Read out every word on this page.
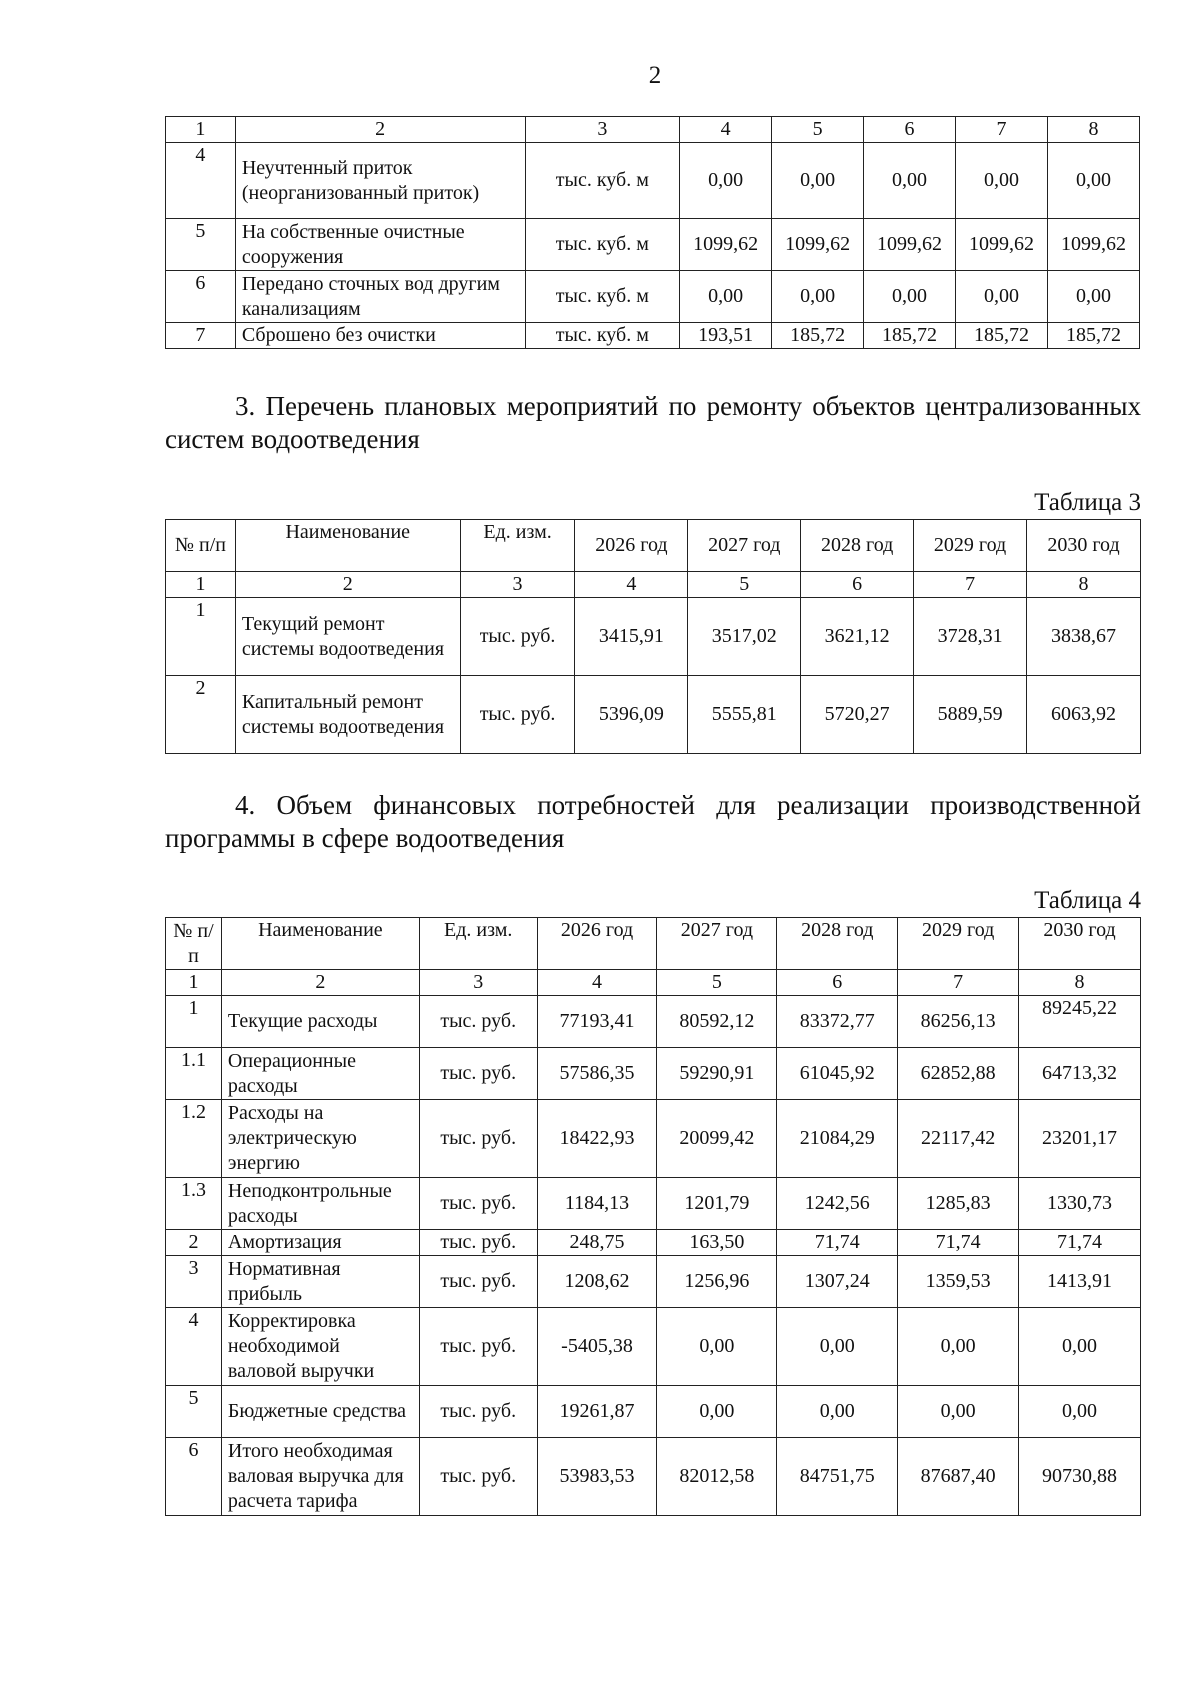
2
1	2	3	4	5	6	7	8
4	Неучтенный приток (неорганизованный приток)	тыс. куб. м	0,00	0,00	0,00	0,00	0,00
5	На собственные очистные сооружения	тыс. куб. м	1099,62	1099,62	1099,62	1099,62	1099,62
6	Передано сточных вод другим канализациям	тыс. куб. м	0,00	0,00	0,00	0,00	0,00
7	Сброшено без очистки	тыс. куб. м	193,51	185,72	185,72	185,72	185,72
3. Перечень плановых мероприятий по ремонту объектов централизованных систем водоотведения
Таблица 3
№ п/п	Наименование	Ед. изм.	2026 год	2027 год	2028 год	2029 год	2030 год
1	2	3	4	5	6	7	8
1	Текущий ремонт системы водоотведения	тыс. руб.	3415,91	3517,02	3621,12	3728,31	3838,67
2	Капитальный ремонт системы водоотведения	тыс. руб.	5396,09	5555,81	5720,27	5889,59	6063,92
4. Объем финансовых потребностей для реализации производственной программы в сфере водоотведения
Таблица 4
№ п/п	Наименование	Ед. изм.	2026 год	2027 год	2028 год	2029 год	2030 год
1	2	3	4	5	6	7	8
1	Текущие расходы	тыс. руб.	77193,41	80592,12	83372,77	86256,13	89245,22
1.1	Операционные расходы	тыс. руб.	57586,35	59290,91	61045,92	62852,88	64713,32
1.2	Расходы на электрическую энергию	тыс. руб.	18422,93	20099,42	21084,29	22117,42	23201,17
1.3	Неподконтрольные расходы	тыс. руб.	1184,13	1201,79	1242,56	1285,83	1330,73
2	Амортизация	тыс. руб.	248,75	163,50	71,74	71,74	71,74
3	Нормативная прибыль	тыс. руб.	1208,62	1256,96	1307,24	1359,53	1413,91
4	Корректировка необходимой валовой выручки	тыс. руб.	-5405,38	0,00	0,00	0,00	0,00
5	Бюджетные средства	тыс. руб.	19261,87	0,00	0,00	0,00	0,00
6	Итого необходимая валовая выручка для расчета тарифа	тыс. руб.	53983,53	82012,58	84751,75	87687,40	90730,88
